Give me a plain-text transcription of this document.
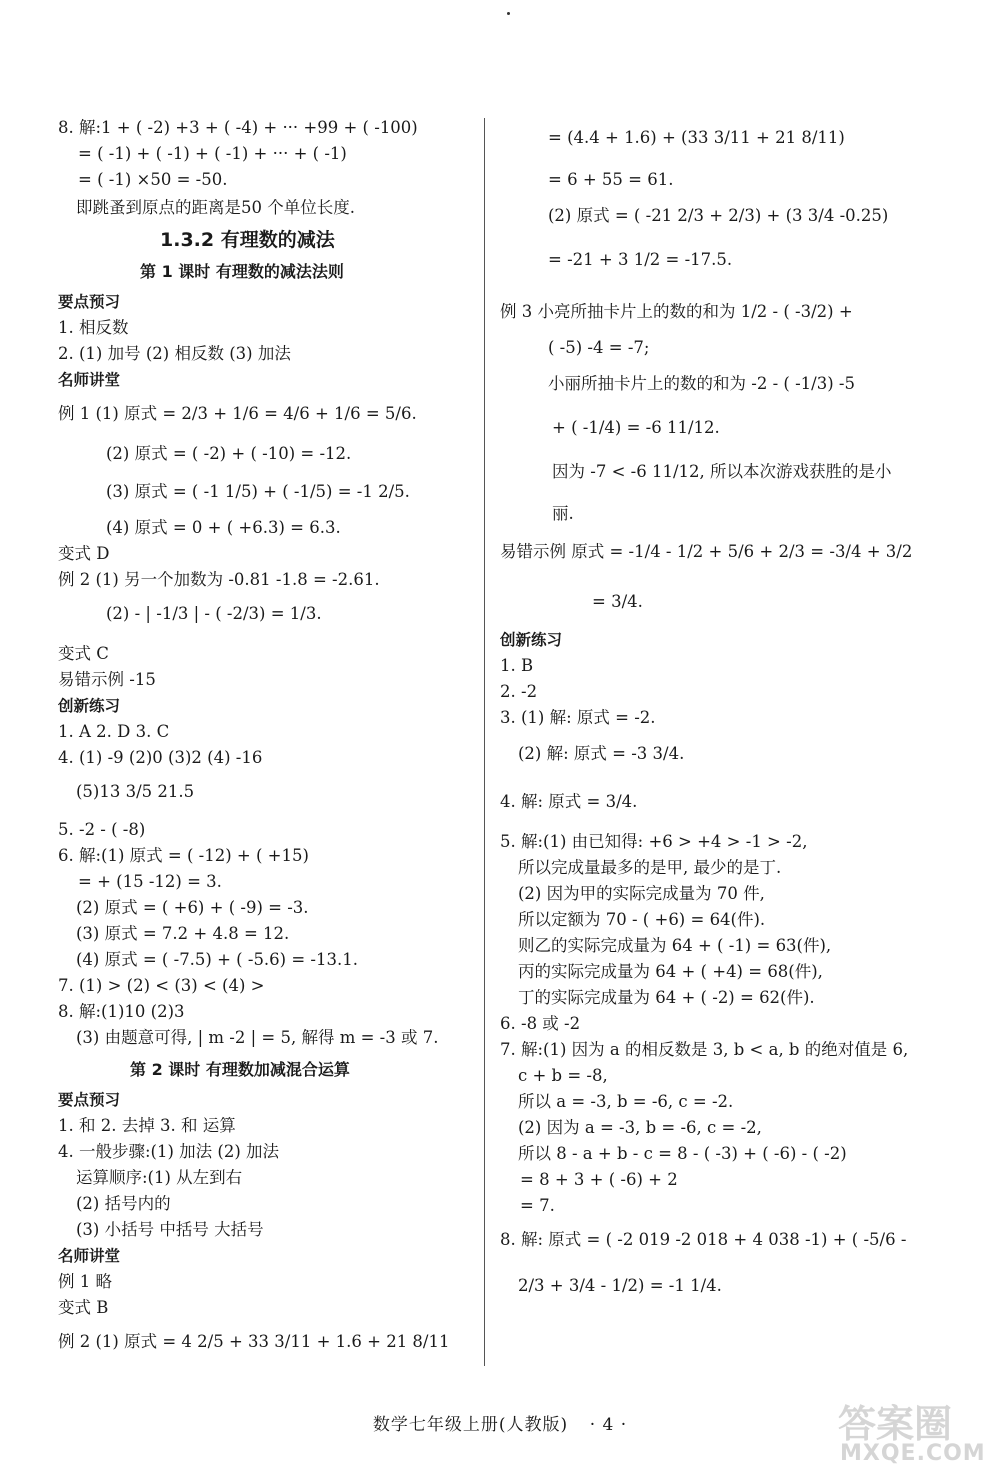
8. 解:1 + ( -2) +3 + ( -4) + ··· +99 + ( -100)
= ( -1) + ( -1) + ( -1) + ··· + ( -1)
= ( -1) ×50 = -50.
即跳蚤到原点的距离是50 个单位长度.
1.3.2 有理数的减法
第 1 课时 有理数的减法法则
要点预习
1. 相反数
2. (1) 加号 (2) 相反数 (3) 加法
名师讲堂
例 1 (1) 原式 = 2/3 + 1/6 = 4/6 + 1/6 = 5/6.
(2) 原式 = ( -2) + ( -10) = -12.
(3) 原式 = ( -1 1/5) + ( -1/5) = -1 2/5.
(4) 原式 = 0 + ( +6.3) = 6.3.
变式 D
例 2 (1) 另一个加数为 -0.81 -1.8 = -2.61.
(2) - | -1/3 | - ( -2/3) = 1/3.
变式 C
易错示例 -15
创新练习
1. A 2. D 3. C
4. (1) -9 (2)0 (3)2 (4) -16
(5)13 3/5 21.5
5. -2 - ( -8)
6. 解:(1) 原式 = ( -12) + ( +15)
= + (15 -12) = 3.
(2) 原式 = ( +6) + ( -9) = -3.
(3) 原式 = 7.2 + 4.8 = 12.
(4) 原式 = ( -7.5) + ( -5.6) = -13.1.
7. (1) > (2) < (3) < (4) >
8. 解:(1)10 (2)3
(3) 由题意可得, | m -2 | = 5, 解得 m = -3 或 7.
第 2 课时 有理数加减混合运算
要点预习
1. 和 2. 去掉 3. 和 运算
4. 一般步骤:(1) 加法 (2) 加法
运算顺序:(1) 从左到右
(2) 括号内的
(3) 小括号 中括号 大括号
名师讲堂
例 1 略
变式 B
例 2 (1) 原式 = 4 2/5 + 33 3/11 + 1.6 + 21 8/11
= (4.4 + 1.6) + (33 3/11 + 21 8/11)
= 6 + 55 = 61.
(2) 原式 = ( -21 2/3 + 2/3) + (3 3/4 -0.25)
= -21 + 3 1/2 = -17.5.
例 3 小亮所抽卡片上的数的和为 1/2 - ( -3/2) +
( -5) -4 = -7;
小丽所抽卡片上的数的和为 -2 - ( -1/3) -5
+ ( -1/4) = -6 11/12.
因为 -7 < -6 11/12, 所以本次游戏获胜的是小
丽.
易错示例 原式 = -1/4 - 1/2 + 5/6 + 2/3 = -3/4 + 3/2
= 3/4.
创新练习
1. B
2. -2
3. (1) 解: 原式 = -2.
(2) 解: 原式 = -3 3/4.
4. 解: 原式 = 3/4.
5. 解:(1) 由已知得: +6 > +4 > -1 > -2,
所以完成量最多的是甲, 最少的是丁.
(2) 因为甲的实际完成量为 70 件,
所以定额为 70 - ( +6) = 64(件).
则乙的实际完成量为 64 + ( -1) = 63(件),
丙的实际完成量为 64 + ( +4) = 68(件),
丁的实际完成量为 64 + ( -2) = 62(件).
6. -8 或 -2
7. 解:(1) 因为 a 的相反数是 3, b < a, b 的绝对值是 6,
c + b = -8,
所以 a = -3, b = -6, c = -2.
(2) 因为 a = -3, b = -6, c = -2,
所以 8 - a + b - c = 8 - ( -3) + ( -6) - ( -2)
= 8 + 3 + ( -6) + 2
= 7.
8. 解: 原式 = ( -2 019 -2 018 + 4 038 -1) + ( -5/6 -
2/3 + 3/4 - 1/2) = -1 1/4.
数学七年级上册(人教版) · 4 ·	答案圈
MXQE.COM
